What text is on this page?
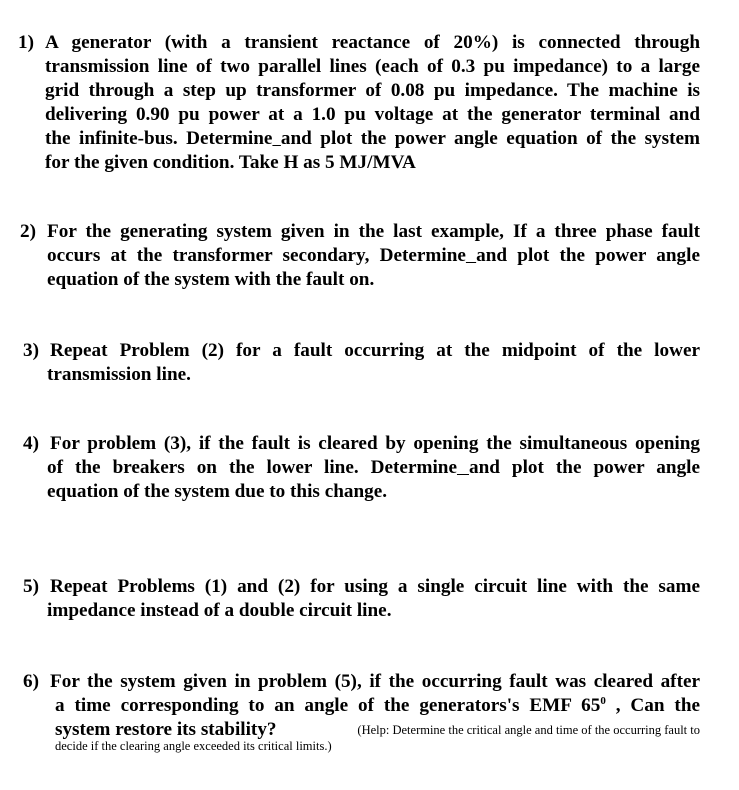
1) A generator (with a transient reactance of 20%) is connected through
transmission line of two parallel lines (each of 0.3 pu impedance) to a large
grid through a step up transformer of 0.08 pu impedance. The machine is
delivering 0.90 pu power at a 1.0 pu voltage at the generator terminal and
the infinite-bus. Determine and plot the power angle equation of the system
for the given condition. Take H as 5 MJ/MVA
2) For the generating system given in the last example, If a three phase fault
occurs at the transformer secondary, Determine and plot the power angle
equation of the system with the fault on.
3) Repeat Problem (2) for a fault occurring at the midpoint of the lower
transmission line.
4) For problem (3), if the fault is cleared by opening the simultaneous opening
of the breakers on the lower line. Determine and plot the power angle
equation of the system due to this change.
5) Repeat Problems (1) and (2) for using a single circuit line with the same
impedance instead of a double circuit line.
6) For the system given in problem (5), if the occurring fault was cleared after
a time corresponding to an angle of the generators's EMF $65^0$ , Can the
system restore its stability?	(Help: Determine the critical angle and time of the occurring fault to
decide if the clearing angle exceeded its critical limits.)
